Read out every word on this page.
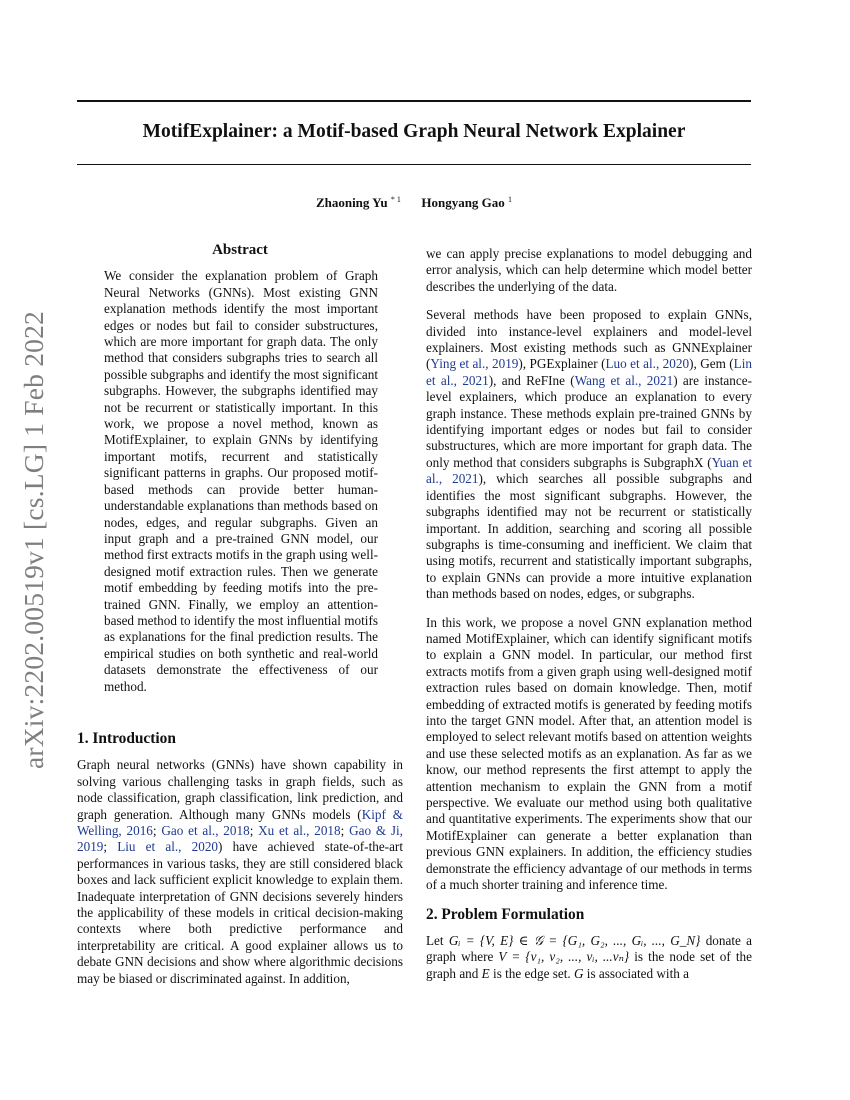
arXiv:2202.00519v1 [cs.LG] 1 Feb 2022
MotifExplainer: a Motif-based Graph Neural Network Explainer
Zhaoning Yu $^{* 1}$ Hongyang Gao $^1$
Abstract
We consider the explanation problem of Graph Neural Networks (GNNs). Most existing GNN explanation methods identify the most important edges or nodes but fail to consider substructures, which are more important for graph data. The only method that considers subgraphs tries to search all possible subgraphs and identify the most significant subgraphs. However, the subgraphs identified may not be recurrent or statistically important. In this work, we propose a novel method, known as MotifExplainer, to explain GNNs by identifying important motifs, recurrent and statistically significant patterns in graphs. Our proposed motif-based methods can provide better human-understandable explanations than methods based on nodes, edges, and regular subgraphs. Given an input graph and a pre-trained GNN model, our method first extracts motifs in the graph using well-designed motif extraction rules. Then we generate motif embedding by feeding motifs into the pre-trained GNN. Finally, we employ an attention-based method to identify the most influential motifs as explanations for the final prediction results. The empirical studies on both synthetic and real-world datasets demonstrate the effectiveness of our method.
1. Introduction

Graph neural networks (GNNs) have shown capability in solving various challenging tasks in graph fields, such as node classification, graph classification, link prediction, and graph generation. Although many GNNs models (Kipf & Welling, 2016; Gao et al., 2018; Xu et al., 2018; Gao & Ji, 2019; Liu et al., 2020) have achieved state-of-the-art performances in various tasks, they are still considered black boxes and lack sufficient explicit knowledge to explain them. Inadequate interpretation of GNN decisions severely hinders the applicability of these models in critical decision-making contexts where both predictive performance and interpretability are critical. A good explainer allows us to debate GNN decisions and show where algorithmic decisions may be biased or discriminated against. In addition,

we can apply precise explanations to model debugging and error analysis, which can help determine which model better describes the underlying of the data.

Several methods have been proposed to explain GNNs, divided into instance-level explainers and model-level explainers. Most existing methods such as GNNExplainer (Ying et al., 2019), PGExplainer (Luo et al., 2020), Gem (Lin et al., 2021), and ReFIne (Wang et al., 2021) are instance-level explainers, which produce an explanation to every graph instance. These methods explain pre-trained GNNs by identifying important edges or nodes but fail to consider substructures, which are more important for graph data. The only method that considers subgraphs is SubgraphX (Yuan et al., 2021), which searches all possible subgraphs and identifies the most significant subgraphs. However, the subgraphs identified may not be recurrent or statistically important. In addition, searching and scoring all possible subgraphs is time-consuming and inefficient. We claim that using motifs, recurrent and statistically important subgraphs, to explain GNNs can provide a more intuitive explanation than methods based on nodes, edges, or subgraphs.

In this work, we propose a novel GNN explanation method named MotifExplainer, which can identify significant motifs to explain a GNN model. In particular, our method first extracts motifs from a given graph using well-designed motif extraction rules based on domain knowledge. Then, motif embedding of extracted motifs is generated by feeding motifs into the target GNN model. After that, an attention model is employed to select relevant motifs based on attention weights and use these selected motifs as an explanation. As far as we know, our method represents the first attempt to apply the attention mechanism to explain the GNN from a motif perspective. We evaluate our method using both qualitative and quantitative experiments. The experiments show that our MotifExplainer can generate a better explanation than previous GNN explainers. In addition, the efficiency studies demonstrate the efficiency advantage of our methods in terms of a much shorter training and inference time.

2. Problem Formulation

Let Gᵢ = {V, E} ∈ 𝒢 = {G₁, G₂, ..., Gᵢ, ..., G_N} donate a graph where V = {v₁, v₂, ..., vᵢ, ...vₙ} is the node set of the graph and E is the edge set. G is associated with a
